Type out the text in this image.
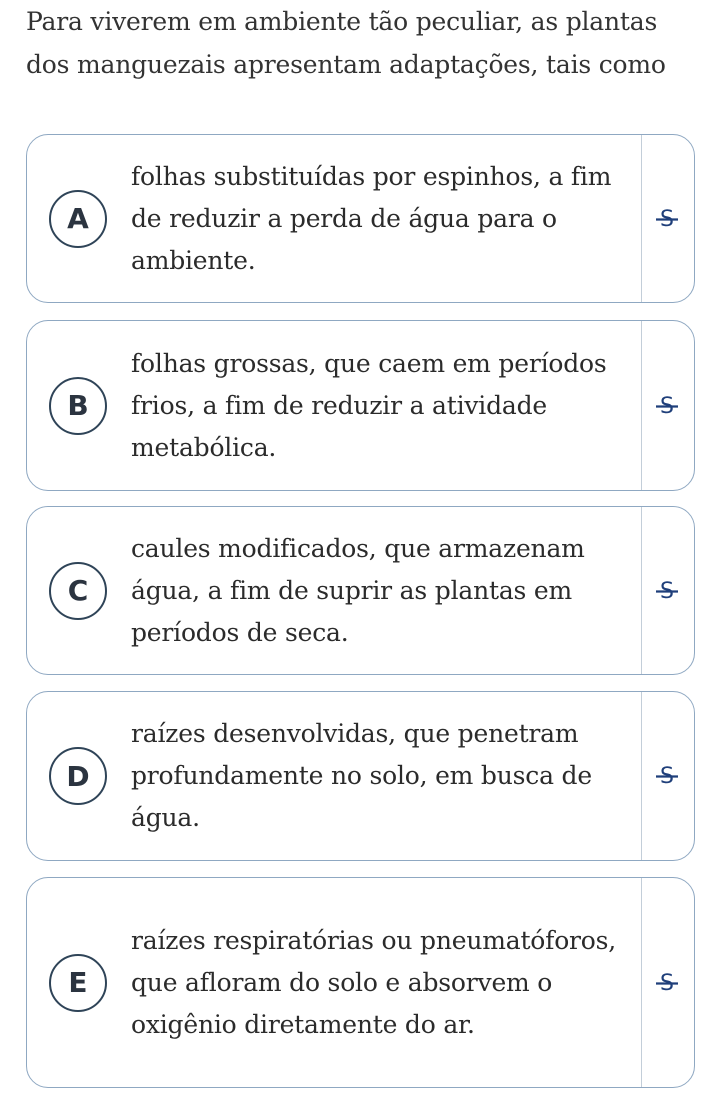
Para viverem em ambiente tão peculiar, as plantas dos manguezais apresentam adaptações, tais como

A
folhas substituídas por espinhos, a fim de reduzir a perda de água para o ambiente.
S
B
folhas grossas, que caem em períodos frios, a fim de reduzir a atividade metabólica.
S
C
caules modificados, que armazenam água, a fim de suprir as plantas em períodos de seca.
S
D
raízes desenvolvidas, que penetram profundamente no solo, em busca de água.
S
E
raízes respiratórias ou pneumatóforos, que afloram do solo e absorvem o oxigênio diretamente do ar.
S
